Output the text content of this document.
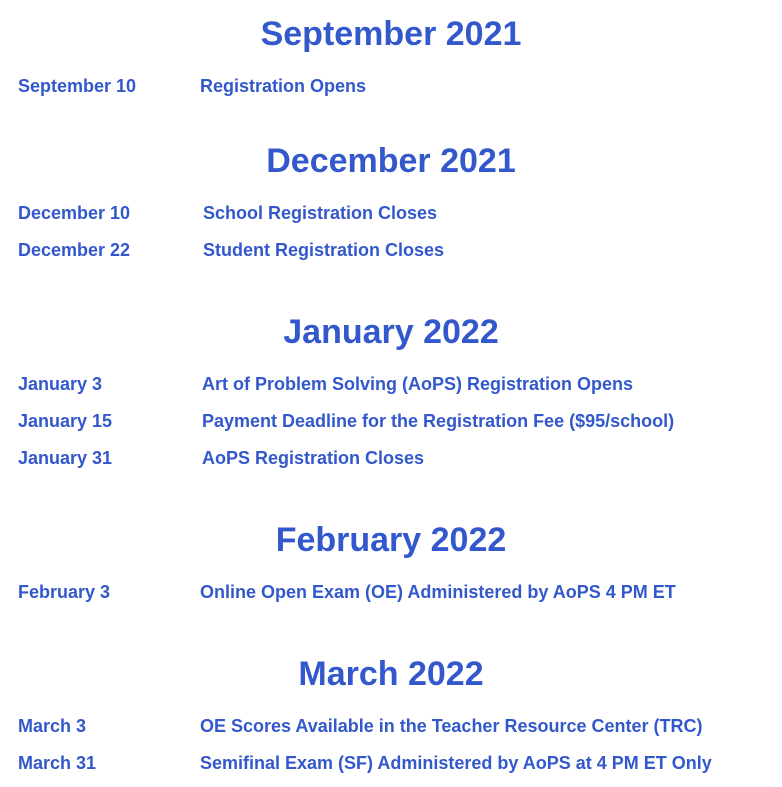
September 2021
September 10	Registration Opens
December 2021
December 10	School Registration Closes
December 22	Student Registration Closes
January 2022
January 3	Art of Problem Solving (AoPS) Registration Opens
January 15	Payment Deadline for the Registration Fee ($95/school)
January 31	AoPS Registration Closes
February 2022
February 3	Online Open Exam (OE) Administered by AoPS 4 PM ET
March 2022
March 3	OE Scores Available in the Teacher Resource Center (TRC)
March 31	Semifinal Exam (SF) Administered by AoPS at 4 PM ET Only
